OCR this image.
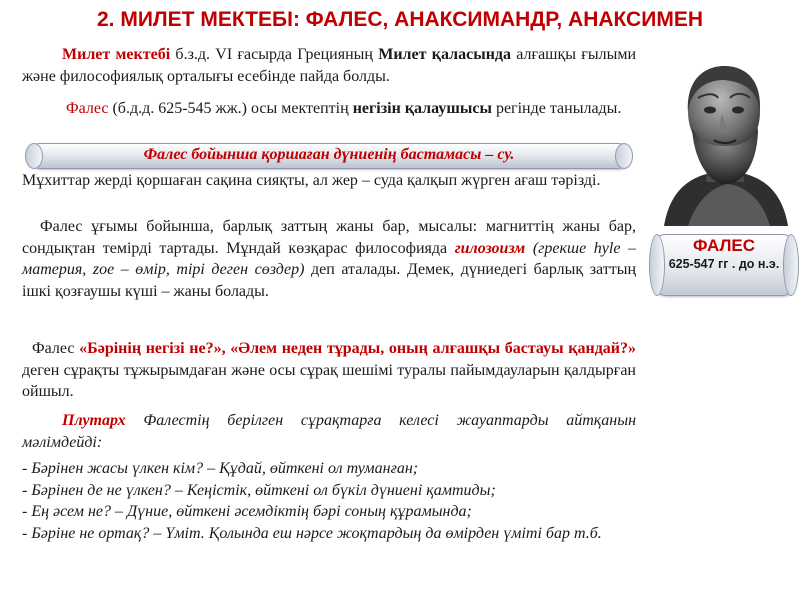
2. МИЛЕТ МЕКТЕБІ: ФАЛЕС, АНАКСИМАНДР, АНАКСИМЕН

Милет мектебі б.з.д. VI ғасырда Грецияның Милет қаласында алғашқы ғылыми және философиялық орталығы есебінде пайда болды.

Фалес (б.д.д. 625-545 жж.) осы мектептің негізін қалаушысы регінде танылады.

Фалес бойынша қоршаған дүниенің бастамасы – су.

Мұхиттар жерді қоршаған сақина сияқты, ал жер – суда қалқып жүрген ағаш тәрізді.

Фалес ұғымы бойынша, барлық заттың жаны бар, мысалы: магниттің жаны бар, сондықтан темірді тартады. Мұндай көзқарас философияда гилозоизм (грекше hyle – материя, zoe – өмір, тірі деген сөздер) деп аталады. Демек, дүниедегі барлық заттың ішкі қозғаушы күші – жаны болады.

Фалес «Бәрінің негізі не?», «Әлем неден тұрады, оның алғашқы бастауы қандай?» деген сұрақты тұжырымдаған және осы сұрақ шешімі туралы пайымдауларын қалдырған ойшыл.

Плутарх Фалестің берілген сұрақтарға келесі жауаптарды айтқанын мәлімдейді:

- Бәрінен жасы үлкен кім? – Құдай, өйткені ол туманған;
- Бәрінен де не үлкен? – Кеңістік, өйткені ол бүкіл дүниені қамтиды;
- Ең әсем не? – Дүние, өйткені әсемдіктің бәрі соның құрамында;
- Бәріне не ортақ? – Үміт. Қолында еш нәрсе жоқтардың да өмірден үміті бар т.б.
ФАЛЕС
625-547 гг . до н.э.
